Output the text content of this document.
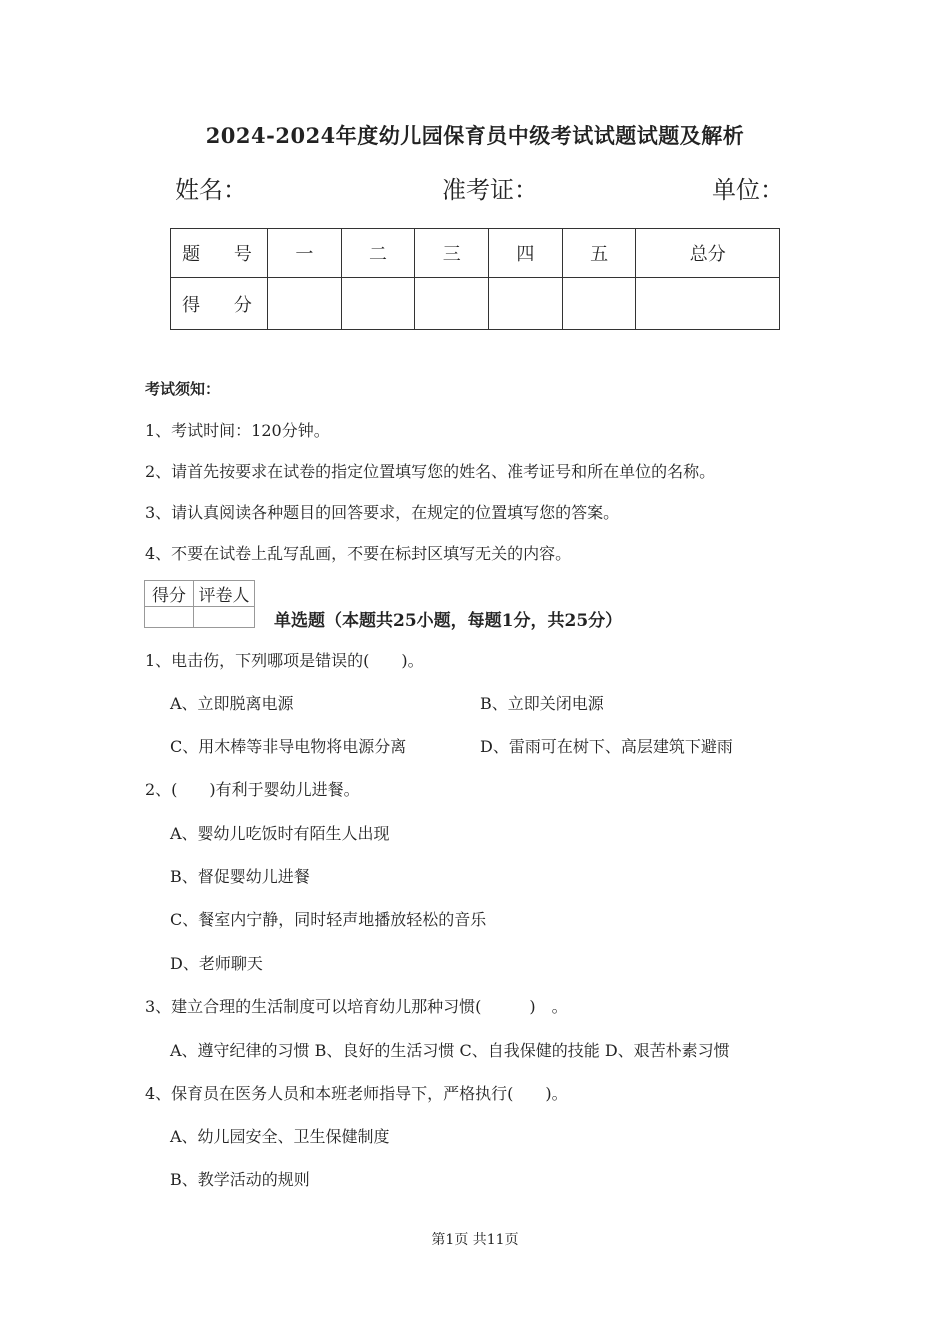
2024-2024年度幼儿园保育员中级考试试题试题及解析
姓名：	准考证：	单位：
题 号	一	二	三	四	五	总分
得 分						
考试须知：
1、考试时间：120分钟。
2、请首先按要求在试卷的指定位置填写您的姓名、准考证号和所在单位的名称。
3、请认真阅读各种题目的回答要求，在规定的位置填写您的答案。
4、不要在试卷上乱写乱画，不要在标封区填写无关的内容。
得分	评卷人

单选题（本题共25小题，每题1分，共25分）
1、电击伤，下列哪项是错误的(　　)。
A、立即脱离电源	B、立即关闭电源
C、用木棒等非导电物将电源分离	D、雷雨可在树下、高层建筑下避雨
2、(　　)有利于婴幼儿进餐。
A、婴幼儿吃饭时有陌生人出现
B、督促婴幼儿进餐
C、餐室内宁静，同时轻声地播放轻松的音乐
D、老师聊天
3、建立合理的生活制度可以培育幼儿那种习惯(　　　)　。
A、遵守纪律的习惯 B、良好的生活习惯 C、自我保健的技能 D、艰苦朴素习惯
4、保育员在医务人员和本班老师指导下，严格执行(　　)。
A、幼儿园安全、卫生保健制度
B、教学活动的规则
第1页 共11页
